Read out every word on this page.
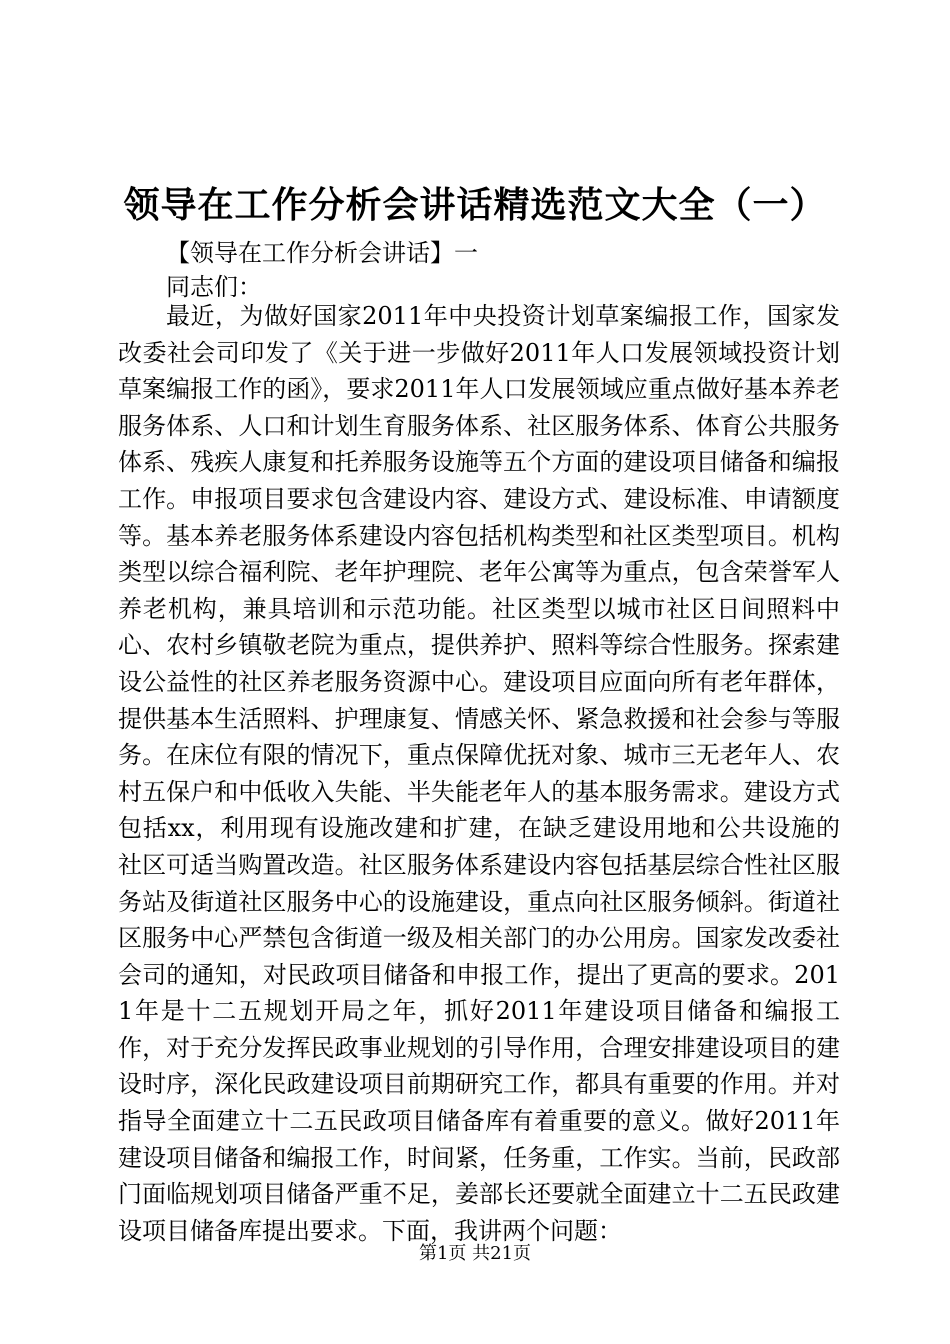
领导在工作分析会讲话精选范文大全（一）

【领导在工作分析会讲话】一

同志们：

最近，为做好国家2011年中央投资计划草案编报工作，国家发改委社会司印发了《关于进一步做好2011年人口发展领域投资计划草案编报工作的函》，要求2011年人口发展领域应重点做好基本养老服务体系、人口和计划生育服务体系、社区服务体系、体育公共服务体系、残疾人康复和托养服务设施等五个方面的建设项目储备和编报工作。申报项目要求包含建设内容、建设方式、建设标准、申请额度等。基本养老服务体系建设内容包括机构类型和社区类型项目。机构类型以综合福利院、老年护理院、老年公寓等为重点，包含荣誉军人养老机构，兼具培训和示范功能。社区类型以城市社区日间照料中心、农村乡镇敬老院为重点，提供养护、照料等综合性服务。探索建设公益性的社区养老服务资源中心。建设项目应面向所有老年群体，提供基本生活照料、护理康复、情感关怀、紧急救援和社会参与等服务。在床位有限的情况下，重点保障优抚对象、城市三无老年人、农村五保户和中低收入失能、半失能老年人的基本服务需求。建设方式包括xx，利用现有设施改建和扩建，在缺乏建设用地和公共设施的社区可适当购置改造。社区服务体系建设内容包括基层综合性社区服务站及街道社区服务中心的设施建设，重点向社区服务倾斜。街道社区服务中心严禁包含街道一级及相关部门的办公用房。国家发改委社会司的通知，对民政项目储备和申报工作，提出了更高的要求。2011年是十二五规划开局之年，抓好2011年建设项目储备和编报工作，对于充分发挥民政事业规划的引导作用，合理安排建设项目的建设时序，深化民政建设项目前期研究工作，都具有重要的作用。并对指导全面建立十二五民政项目储备库有着重要的意义。做好2011年建设项目储备和编报工作，时间紧，任务重，工作实。当前，民政部门面临规划项目储备严重不足，姜部长还要就全面建立十二五民政建设项目储备库提出要求。下面，我讲两个问题：

第1页 共21页
